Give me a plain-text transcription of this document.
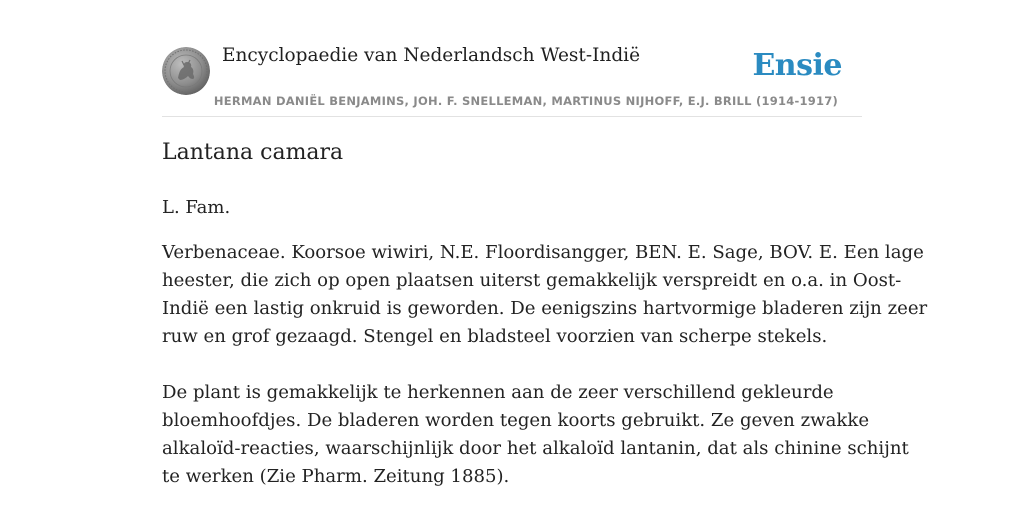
Encyclopaedie van Nederlandsch West-Indië	Ensie
HERMAN DANIËL BENJAMINS, JOH. F. SNELLEMAN, MARTINUS NIJHOFF, E.J. BRILL (1914-1917)
Lantana camara

L. Fam.

Verbenaceae. Koorsoe wiwiri, N.E. Floordisangger, BEN. E. Sage, BOV. E. Een lage
heester, die zich op open plaatsen uiterst gemakkelijk verspreidt en o.a. in Oost-
Indië een lastig onkruid is geworden. De eenigszins hartvormige bladeren zijn zeer
ruw en grof gezaagd. Stengel en bladsteel voorzien van scherpe stekels.

De plant is gemakkelijk te herkennen aan de zeer verschillend gekleurde
bloemhoofdjes. De bladeren worden tegen koorts gebruikt. Ze geven zwakke
alkaloïd-reacties, waarschijnlijk door het alkaloïd lantanin, dat als chinine schijnt
te werken (Zie Pharm. Zeitung 1885).
